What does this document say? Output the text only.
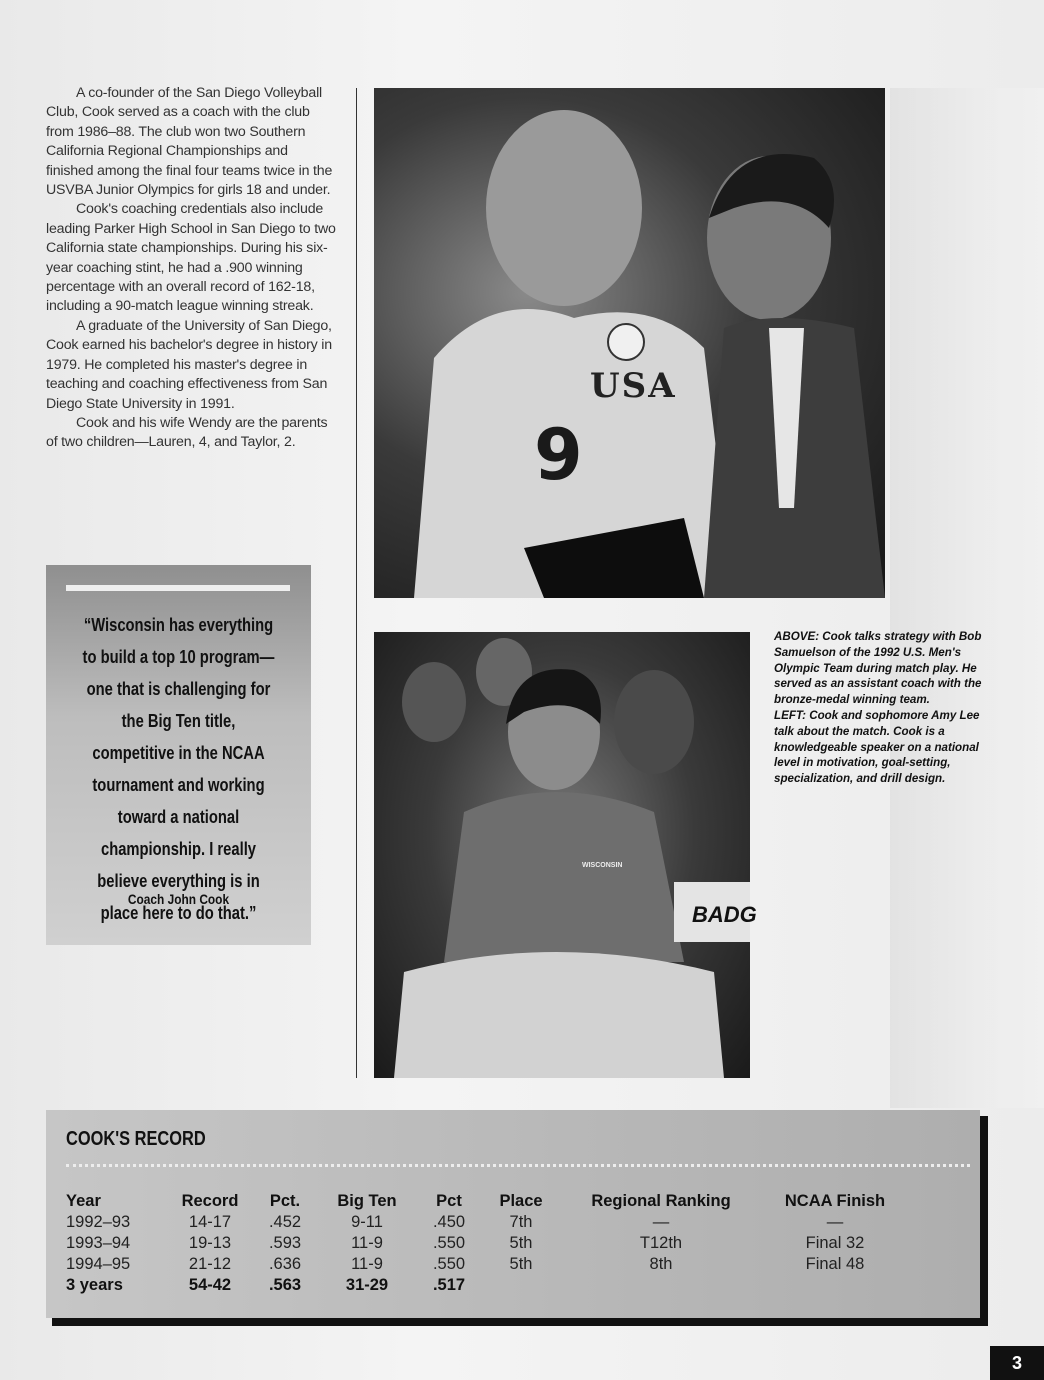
A co-founder of the San Diego Volleyball Club, Cook served as a coach with the club from 1986–88. The club won two Southern California Regional Championships and finished among the final four teams twice in the USVBA Junior Olympics for girls 18 and under.

Cook's coaching credentials also include leading Parker High School in San Diego to two California state championships. During his six-year coaching stint, he had a .900 winning percentage with an overall record of 162-18, including a 90-match league winning streak.

A graduate of the University of San Diego, Cook earned his bachelor's degree in history in 1979. He completed his master's degree in teaching and coaching effectiveness from San Diego State University in 1991.

Cook and his wife Wendy are the parents of two children—Lauren, 4, and Taylor, 2.

USA
9
WISCONSIN
BADG
“Wisconsin has everything to build a top 10 program—one that is challenging for the Big Ten title, competitive in the NCAA tournament and working toward a national championship. I really believe everything is in place here to do that.”
Coach John Cook

ABOVE: Cook talks strategy with Bob Samuelson of the 1992 U.S. Men's Olympic Team during match play. He served as an assistant coach with the bronze-medal winning team.

LEFT: Cook and sophomore Amy Lee talk about the match. Cook is a knowledgeable speaker on a national level in motivation, goal-setting, specialization, and drill design.

COOK'S RECORD
Year	Record	Pct.	Big Ten	Pct	Place	Regional Ranking	NCAA Finish
1992–93	14-17	.452	9-11	.450	7th	—	—
1993–94	19-13	.593	11-9	.550	5th	T12th	Final 32
1994–95	21-12	.636	11-9	.550	5th	8th	Final 48
3 years	54-42	.563	31-29	.517			
3
